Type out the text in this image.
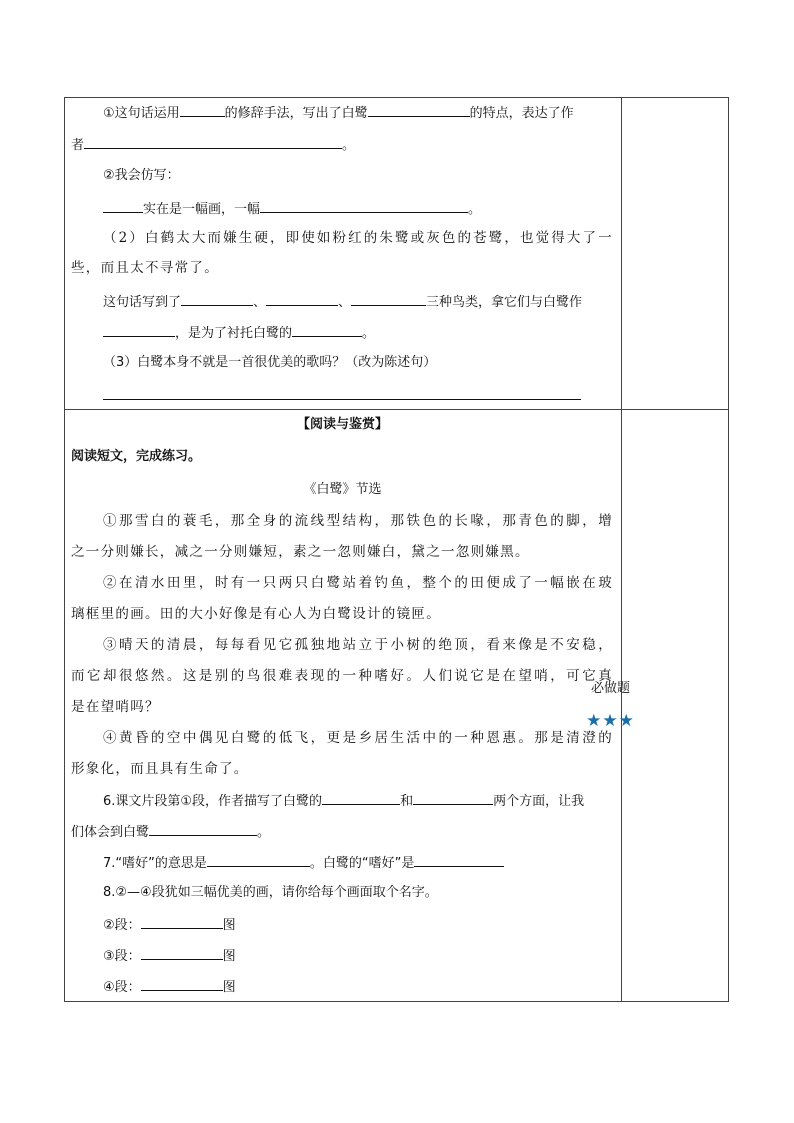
①这句话运用	的修辞手法，写出了白鹭	的特点，表达了作
者	。
②我会仿写：
实在是一幅画，一幅	。
（2）白鹤太大而嫌生硬，即使如粉红的朱鹭或灰色的苍鹭，也觉得大了一
些，而且太不寻常了。
这句话写到了	、	、	三种鸟类，拿它们与白鹭作
，是为了衬托白鹭的	。
（3）白鹭本身不就是一首很优美的歌吗？（改为陈述句）
【阅读与鉴赏】
阅读短文，完成练习。
《白鹭》节选
①那雪白的蓑毛，那全身的流线型结构，那铁色的长喙，那青色的脚，增
之一分则嫌长，减之一分则嫌短，素之一忽则嫌白，黛之一忽则嫌黑。
②在清水田里，时有一只两只白鹭站着钓鱼，整个的田便成了一幅嵌在玻
璃框里的画。田的大小好像是有心人为白鹭设计的镜匣。
③晴天的清晨，每每看见它孤独地站立于小树的绝顶，看来像是不安稳，
而它却很悠然。这是别的鸟很难表现的一种嗜好。人们说它是在望哨，可它真
是在望哨吗？
④黄昏的空中偶见白鹭的低飞，更是乡居生活中的一种恩惠。那是清澄的
形象化，而且具有生命了。
6.课文片段第①段，作者描写了白鹭的	和	两个方面，让我
们体会到白鹭	。
7.“嗜好”的意思是	。白鹭的“嗜好”是
8.②—④段犹如三幅优美的画，请你给每个画面取个名字。
②段：	图
③段：	图
④段：	图
必做题
★★★
